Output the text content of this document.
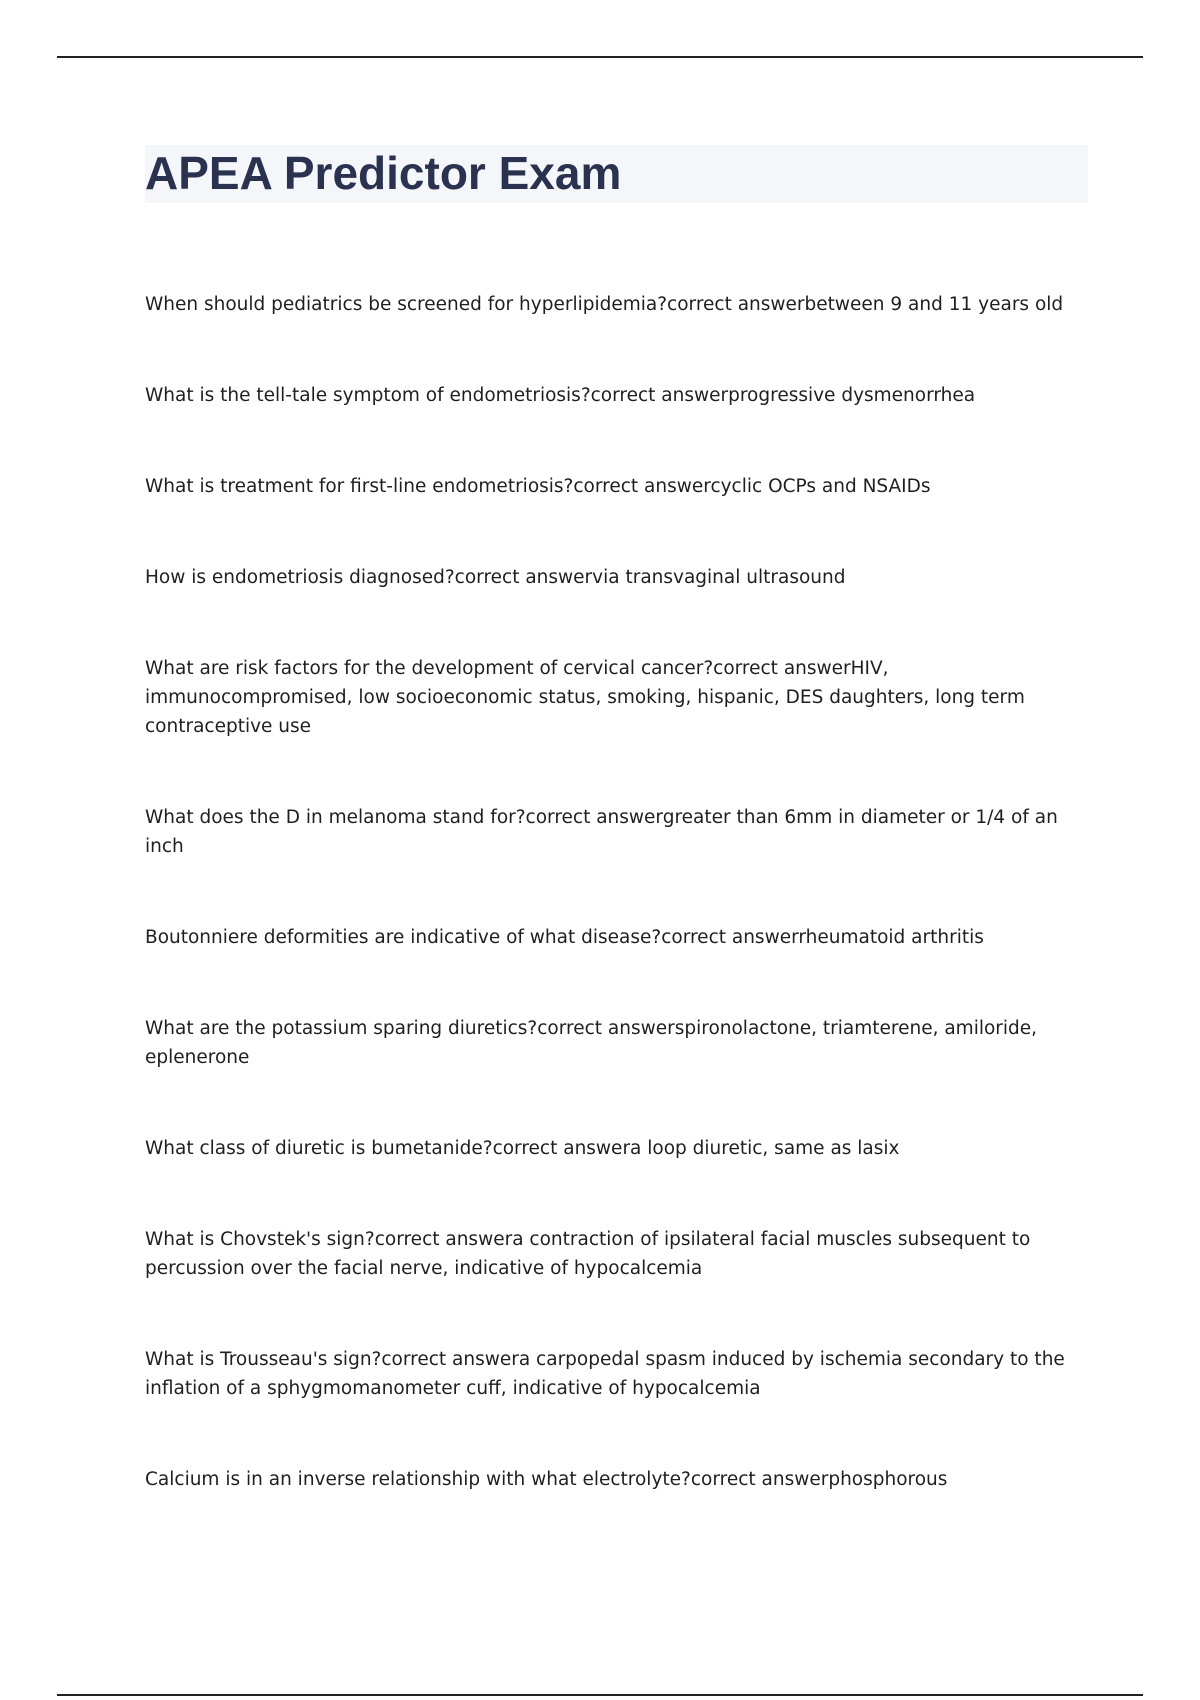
APEA Predictor Exam
When should pediatrics be screened for hyperlipidemia?correct answerbetween 9 and 11 years old
What is the tell-tale symptom of endometriosis?correct answerprogressive dysmenorrhea
What is treatment for first-line endometriosis?correct answercyclic OCPs and NSAIDs
How is endometriosis diagnosed?correct answervia transvaginal ultrasound
What are risk factors for the development of cervical cancer?correct answerHIV, immunocompromised, low socioeconomic status, smoking, hispanic, DES daughters, long term contraceptive use
What does the D in melanoma stand for?correct answergreater than 6mm in diameter or 1/4 of an inch
Boutonniere deformities are indicative of what disease?correct answerrheumatoid arthritis
What are the potassium sparing diuretics?correct answerspironolactone, triamterene, amiloride, eplenerone
What class of diuretic is bumetanide?correct answera loop diuretic, same as lasix
What is Chovstek's sign?correct answera contraction of ipsilateral facial muscles subsequent to percussion over the facial nerve, indicative of hypocalcemia
What is Trousseau's sign?correct answera carpopedal spasm induced by ischemia secondary to the inflation of a sphygmomanometer cuff, indicative of hypocalcemia
Calcium is in an inverse relationship with what electrolyte?correct answerphosphorous
